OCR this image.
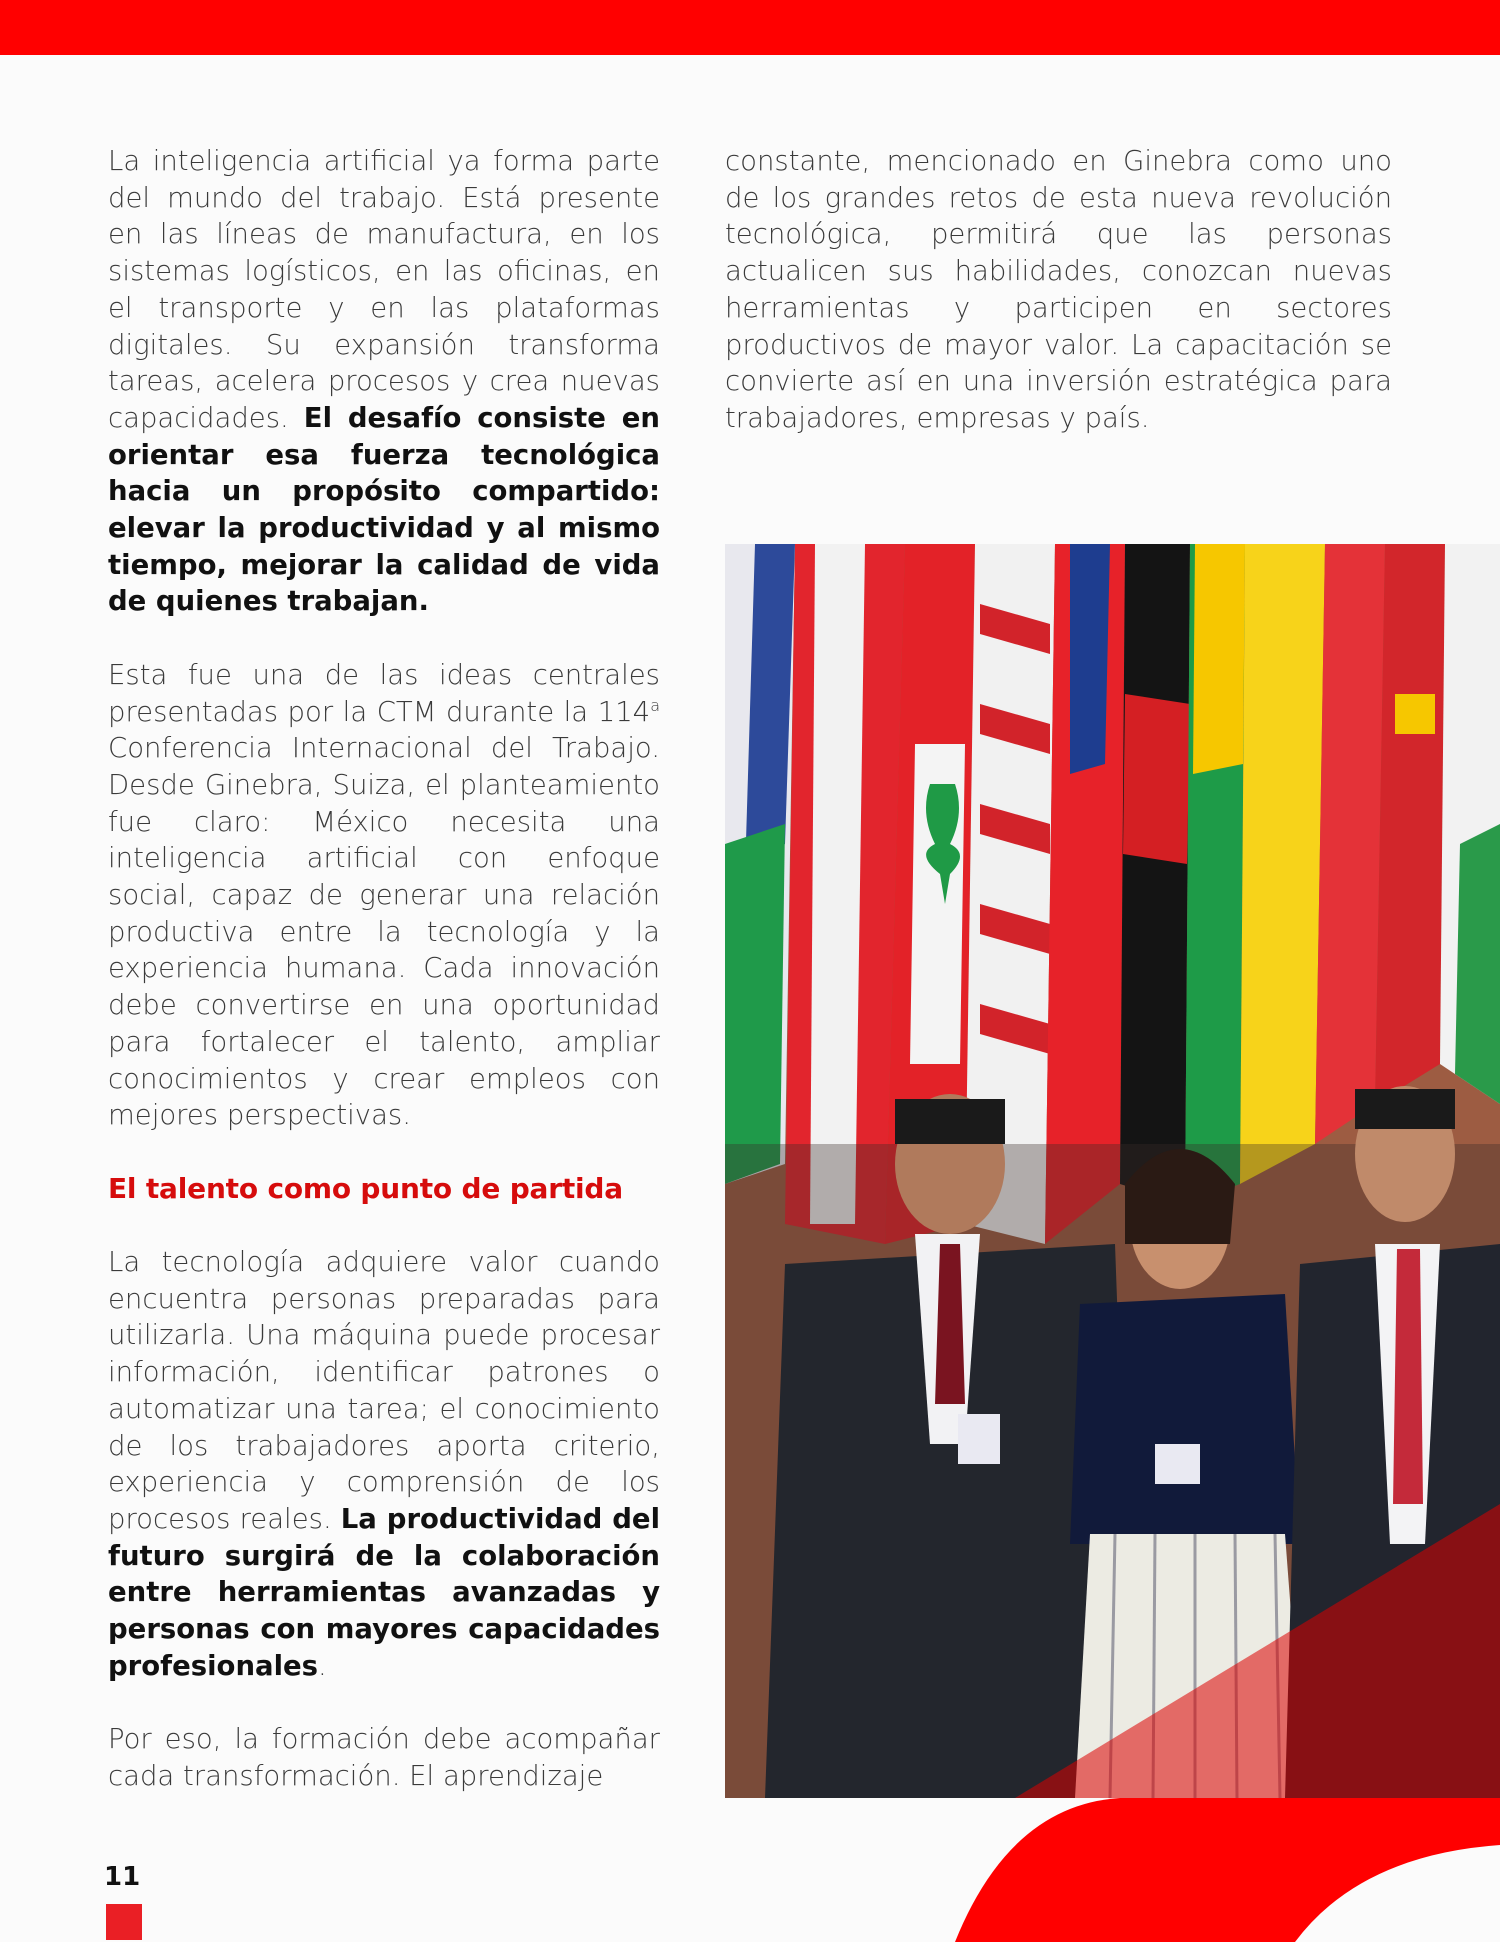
La inteligencia artificial ya forma parte del mundo del trabajo. Está presente en las líneas de manufactura, en los sistemas logísticos, en las oficinas, en el transporte y en las plataformas digitales. Su expansión transforma tareas, acelera procesos y crea nuevas capacidades. El desafío consiste en orientar esa fuerza tecnológica hacia un propósito compartido: elevar la productividad y al mismo tiempo, mejorar la calidad de vida de quienes trabajan.

Esta fue una de las ideas centrales presentadas por la CTM durante la 114$^a$ Conferencia Internacional del Trabajo. Desde Ginebra, Suiza, el planteamiento fue claro: México necesita una inteligencia artificial con enfoque social, capaz de generar una relación productiva entre la tecnología y la experiencia humana. Cada innovación debe convertirse en una oportunidad para fortalecer el talento, ampliar conocimientos y crear empleos con mejores perspectivas.

El talento como punto de partida

La tecnología adquiere valor cuando encuentra personas preparadas para utilizarla. Una máquina puede procesar información, identificar patrones o automatizar una tarea; el conocimiento de los trabajadores aporta criterio, experiencia y comprensión de los procesos reales. La productividad del futuro surgirá de la colaboración entre herramientas avanzadas y personas con mayores capacidades profesionales.

Por eso, la formación debe acompañar cada transformación. El aprendizaje

constante, mencionado en Ginebra como uno de los grandes retos de esta nueva revolución tecnológica, permitirá que las personas actualicen sus habilidades, conozcan nuevas herramientas y participen en sectores productivos de mayor valor. La capacitación se convierte así en una inversión estratégica para trabajadores, empresas y país.

11
